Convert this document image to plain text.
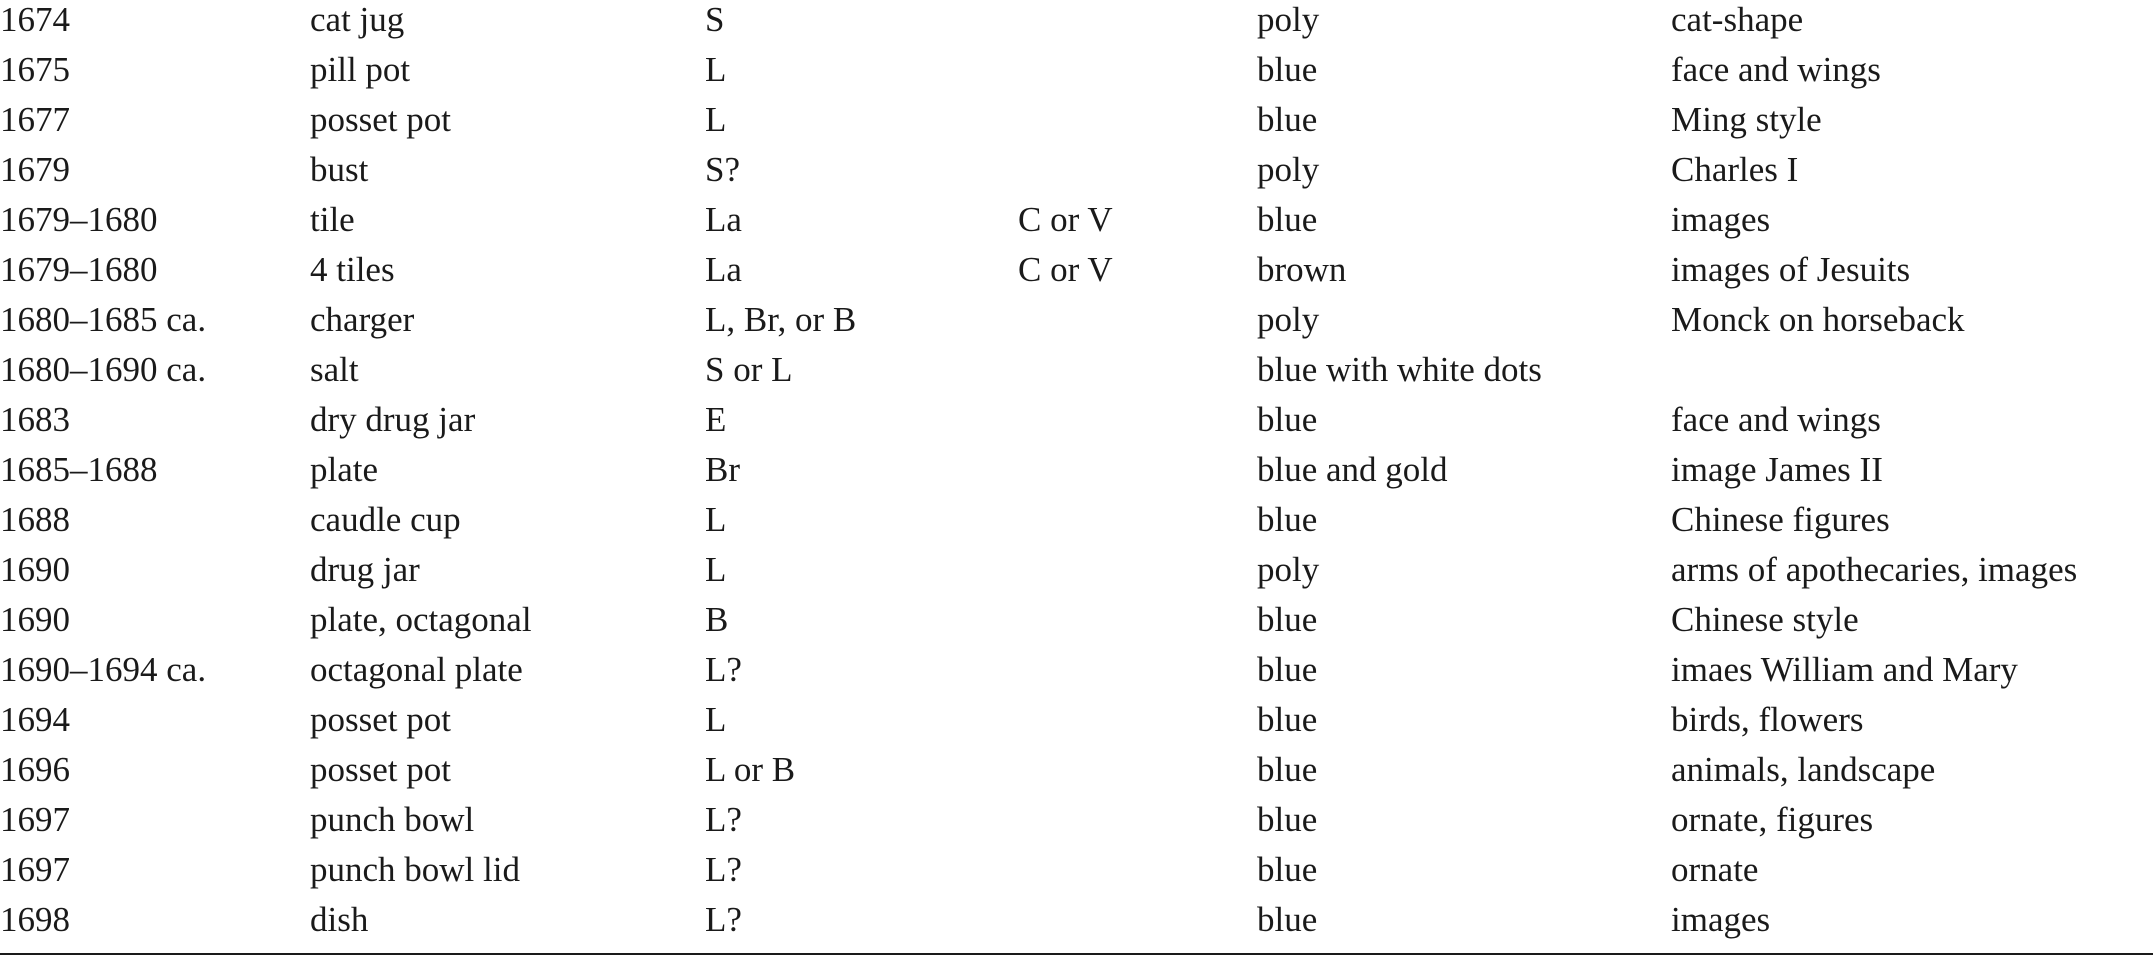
1674	cat jug	S		poly	cat-shape
1675	pill pot	L		blue	face and wings
1677	posset pot	L		blue	Ming style
1679	bust	S?		poly	Charles I
1679–1680	tile	La	C or V	blue	images
1679–1680	4 tiles	La	C or V	brown	images of Jesuits
1680–1685 ca.	charger	L, Br, or B		poly	Monck on horseback
1680–1690 ca.	salt	S or L		blue with white dots	
1683	dry drug jar	E		blue	face and wings
1685–1688	plate	Br		blue and gold	image James II
1688	caudle cup	L		blue	Chinese figures
1690	drug jar	L		poly	arms of apothecaries, images
1690	plate, octagonal	B		blue	Chinese style
1690–1694 ca.	octagonal plate	L?		blue	imaes William and Mary
1694	posset pot	L		blue	birds, flowers
1696	posset pot	L or B		blue	animals, landscape
1697	punch bowl	L?		blue	ornate, figures
1697	punch bowl lid	L?		blue	ornate
1698	dish	L?		blue	images
